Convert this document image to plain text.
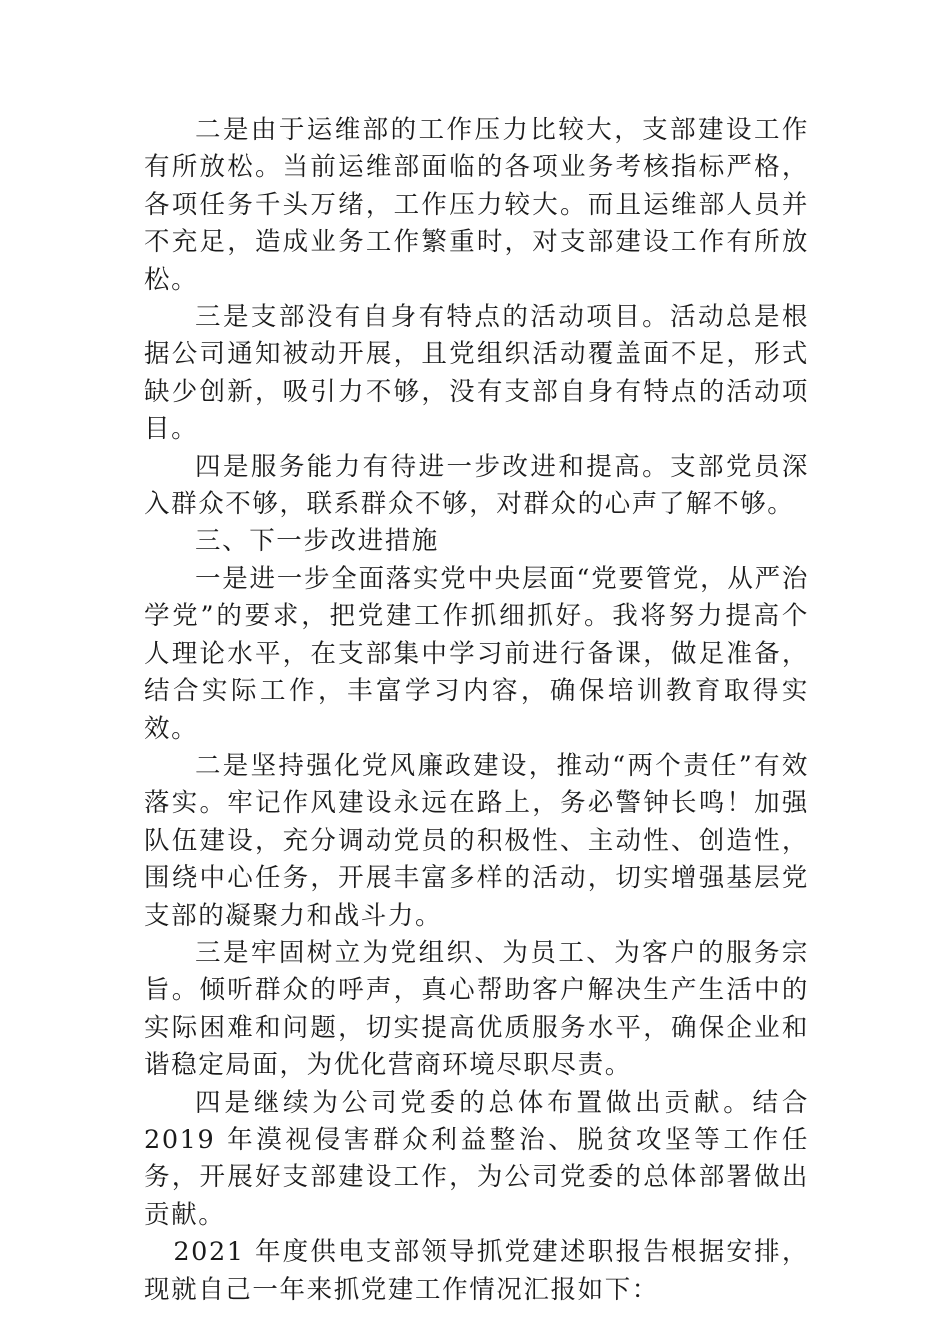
二是由于运维部的工作压力比较大，支部建设工作有所放松。当前运维部面临的各项业务考核指标严格，各项任务千头万绪，工作压力较大。而且运维部人员并不充足，造成业务工作繁重时，对支部建设工作有所放松。

三是支部没有自身有特点的活动项目。活动总是根据公司通知被动开展，且党组织活动覆盖面不足，形式缺少创新，吸引力不够，没有支部自身有特点的活动项目。

四是服务能力有待进一步改进和提高。支部党员深入群众不够，联系群众不够，对群众的心声了解不够。

三、下一步改进措施

一是进一步全面落实党中央层面“党要管党，从严治学党”的要求，把党建工作抓细抓好。我将努力提高个人理论水平，在支部集中学习前进行备课，做足准备，结合实际工作，丰富学习内容，确保培训教育取得实效。

二是坚持强化党风廉政建设，推动“两个责任”有效落实。牢记作风建设永远在路上，务必警钟长鸣！加强队伍建设，充分调动党员的积极性、主动性、创造性，围绕中心任务，开展丰富多样的活动，切实增强基层党支部的凝聚力和战斗力。

三是牢固树立为党组织、为员工、为客户的服务宗旨。倾听群众的呼声，真心帮助客户解决生产生活中的实际困难和问题，切实提高优质服务水平，确保企业和谐稳定局面，为优化营商环境尽职尽责。

四是继续为公司党委的总体布置做出贡献。结合 2019 年漠视侵害群众利益整治、脱贫攻坚等工作任务，开展好支部建设工作，为公司党委的总体部署做出贡献。

2021 年度供电支部领导抓党建述职报告根据安排，现就自己一年来抓党建工作情况汇报如下：
